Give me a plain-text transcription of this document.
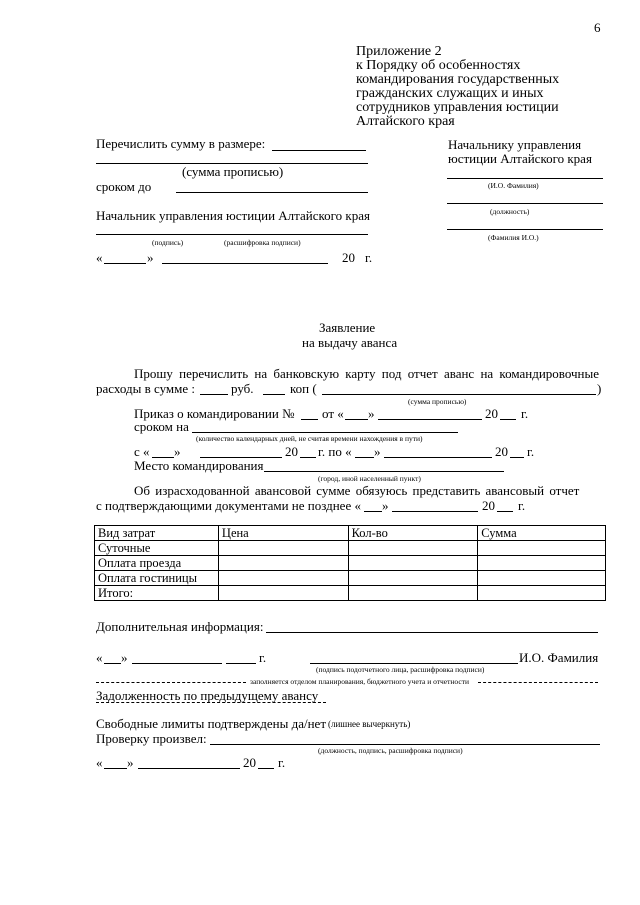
6
Приложение 2
к Порядку об особенностях
командирования государственных
гражданских служащих и иных
сотрудников управления юстиции
Алтайского края
Перечислить сумму в размере:
(сумма прописью)
сроком до
Начальник управления юстиции Алтайского края
(подпись)	(расшифровка подписи)
«	»	20 г.
Начальнику управления
юстиции Алтайского края
(И.О. Фамилия)
(должность)
(Фамилия И.О.)
Заявление
на выдачу аванса
Прошу перечислить на банковскую карту под отчет аванс на командировочные
расходы в сумме :	руб.	коп (	)
(сумма прописью)
Приказ о командировании № от « »	20 г.
сроком на
(количество календарных дней, не считая времени нахождения в пути)
с « »	20 г. по « »	20 г.
Место командирования
(город, иной населенный пункт)
Об израсходованной авансовой сумме обязуюсь представить авансовый отчет
с подтверждающими документами не позднее « »	20 г.
Вид затрат	Цена	Кол-во	Сумма
Суточные			
Оплата проезда			
Оплата гостиницы			
Итого:			
Дополнительная информация:
« »	г.	И.О. Фамилия
(подпись подотчетного лица, расшифровка подписи)
заполняется отделом планирования, бюджетного учета и отчетности
Задолженность по предыдущему авансу
Свободные лимиты подтверждены да/нет (лишнее вычеркнуть)
Проверку произвел:
(должность, подпись, расшифровка подписи)
« »	20 г.
